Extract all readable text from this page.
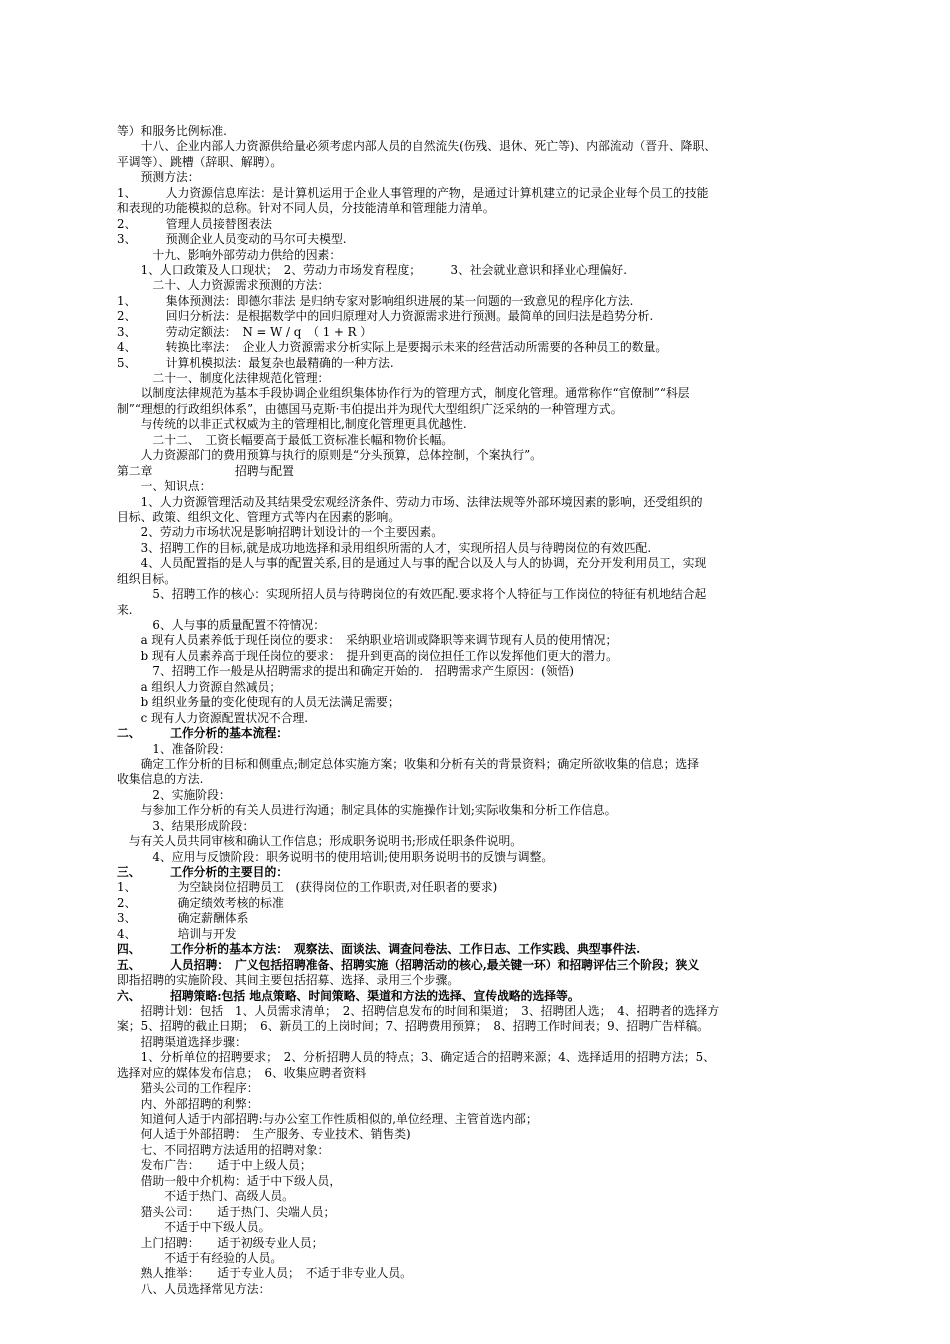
等）和服务比例标准.
　　十八、企业内部人力资源供给量必须考虑内部人员的自然流失(伤残、退休、死亡等)、内部流动（晋升、降职、
平调等）、跳槽（辞职、解聘）。
　　预测方法：
1、　　　人力资源信息库法：是计算机运用于企业人事管理的产物，是通过计算机建立的记录企业每个员工的技能
和表现的功能模拟的总称。针对不同人员，分技能清单和管理能力清单。
2、　　　管理人员接替图表法
3、　　　预测企业人员变动的马尔可夫模型.
　　　十九、影响外部劳动力供给的因素：
　　1、人口政策及人口现状；　2、劳动力市场发育程度；　　　3、社会就业意识和择业心理偏好.
　　　二十、人力资源需求预测的方法：
1、　　　集体预测法：即德尔菲法 是归纳专家对影响组织进展的某一问题的一致意见的程序化方法.
2、　　　回归分析法：是根据数学中的回归原理对人力资源需求进行预测。最简单的回归法是趋势分析.
3、　　　劳动定额法：　N = W / q　（ 1 + R ）
4、　　　转换比率法：　企业人力资源需求分析实际上是要揭示未来的经营活动所需要的各种员工的数量。
5、　　　计算机模拟法：最复杂也最精确的一种方法.
　　　二十一、制度化法律规范化管理：
　　以制度法律规范为基本手段协调企业组织集体协作行为的管理方式，制度化管理。通常称作“官僚制”“科层
制”“理想的行政组织体系”，由德国马克斯·韦伯提出并为现代大型组织广泛采纳的一种管理方式。
　　与传统的以非正式权威为主的管理相比,制度化管理更具优越性.
　　　二十二、　工资长幅要高于最低工资标准长幅和物价长幅。
　　人力资源部门的费用预算与执行的原则是“分头预算，总体控制，个案执行”。
第二章　　　　　　　招聘与配置
　　一、知识点：
　　1、人力资源管理活动及其结果受宏观经济条件、劳动力市场、法律法规等外部环境因素的影响，还受组织的
目标、政策、组织文化、管理方式等内在因素的影响。
　　2、劳动力市场状况是影响招聘计划设计的一个主要因素。
　　3、招聘工作的目标,就是成功地选择和录用组织所需的人才，实现所招人员与待聘岗位的有效匹配.
　　4、人员配置指的是人与事的配置关系,目的是通过人与事的配合以及人与人的协调，充分开发利用员工，实现
组织目标。
　　　5、招聘工作的核心：实现所招人员与待聘岗位的有效匹配.要求将个人特征与工作岗位的特征有机地结合起
来.
　　　6、人与事的质量配置不符情况：
　　a 现有人员素养低于现任岗位的要求：　采纳职业培训或降职等来调节现有人员的使用情况；
　　b 现有人员素养高于现任岗位的要求：　提升到更高的岗位担任工作以发挥他们更大的潜力。
　　　7、招聘工作一般是从招聘需求的提出和确定开始的.　招聘需求产生原因：(领悟)
　　a 组织人力资源自然减员；
　　b 组织业务量的变化使现有的人员无法满足需要；
　　c 现有人力资源配置状况不合理.
二、　　　工作分析的基本流程：
　　　1、准备阶段：
　　确定工作分析的目标和侧重点;制定总体实施方案；收集和分析有关的背景资料；确定所欲收集的信息；选择
收集信息的方法.
　　　2、实施阶段：
　　与参加工作分析的有关人员进行沟通；制定具体的实施操作计划;实际收集和分析工作信息。
　　　3、结果形成阶段：
　与有关人员共同审核和确认工作信息；形成职务说明书;形成任职条件说明。
　　　4、应用与反馈阶段：职务说明书的使用培训;使用职务说明书的反馈与调整。
三、　　　工作分析的主要目的：
1、　　　　为空缺岗位招聘员工　(获得岗位的工作职责,对任职者的要求)
2、　　　　确定绩效考核的标准
3、　　　　确定薪酬体系
4、　　　　培训与开发
四、　　　工作分析的基本方法：　观察法、面谈法、调查问卷法、工作日志、工作实践、典型事件法.
五、　　　人员招聘：　广义包括招聘准备、招聘实施（招聘活动的核心,最关键一环）和招聘评估三个阶段；狭义
即指招聘的实施阶段、其间主要包括招募、选择、录用三个步骤。
六、　　　招聘策略:包括 地点策略、时间策略、渠道和方法的选择、宣传战略的选择等。
　　招聘计划：包括　1、人员需求清单；　2、招聘信息发布的时间和渠道；　3、招聘团人选；　4、招聘者的选择方
案；5、招聘的截止日期；　6、新员工的上岗时间；7、招聘费用预算；　8、招聘工作时间表；9、招聘广告样稿。
　　招聘渠道选择步骤：
　　1、分析单位的招聘要求；　2、分析招聘人员的特点；3、确定适合的招聘来源；4、选择适用的招聘方法；5、
选择对应的媒体发布信息；　6、收集应聘者资料
　　猎头公司的工作程序：
　　内、外部招聘的利弊：
　　知道何人适于内部招聘:与办公室工作性质相似的,单位经理、主管首选内部；
　　何人适于外部招聘：　生产服务、专业技术、销售类)
　　七、不同招聘方法适用的招聘对象：
　　发布广告：　　适于中上级人员；
　　借助一般中介机构：适于中下级人员，
　　　　不适于热门、高级人员。
　　猎头公司：　　适于热门、尖端人员；
　　　　不适于中下级人员。
　　上门招聘：　　适于初级专业人员；
　　　　不适于有经验的人员。
　　熟人推举：　　适于专业人员；　不适于非专业人员。
　　八、人员选择常见方法：
